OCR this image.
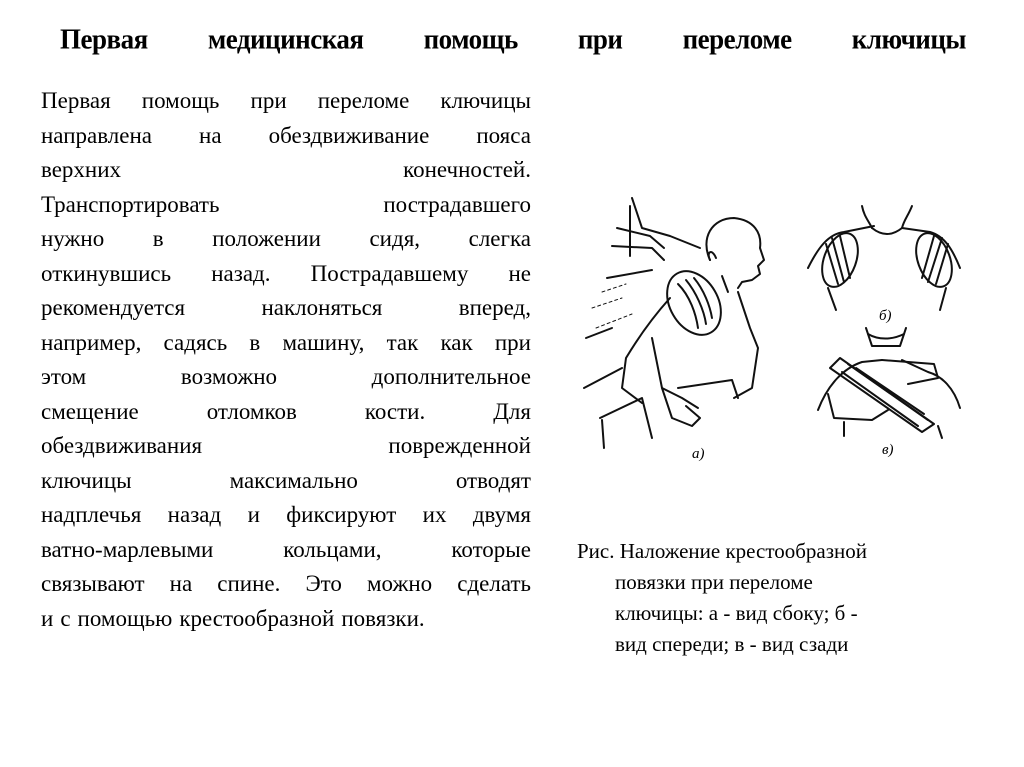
Первая медицинская помощь при переломе ключицы
Первая помощь при переломе ключицы
направлена на обездвиживание пояса
верхних	конечностей.
Транспортировать	пострадавшего
нужно в положении сидя, слегка
откинувшись назад. Пострадавшему не
рекомендуется	наклоняться	вперед,
например, садясь в машину, так как при
этом	возможно	дополнительное
смещение	отломков	кости.	Для
обездвиживания	поврежденной
ключицы	максимально	отводят
надплечья назад и фиксируют их двумя
ватно-марлевыми	кольцами,	которые
связывают на спине. Это можно сделать
и с помощью крестообразной повязки.
а)
б)
в)
Рис. Наложение крестообразной
повязки при переломе
ключицы: а - вид сбоку; б -
вид спереди; в - вид сзади
